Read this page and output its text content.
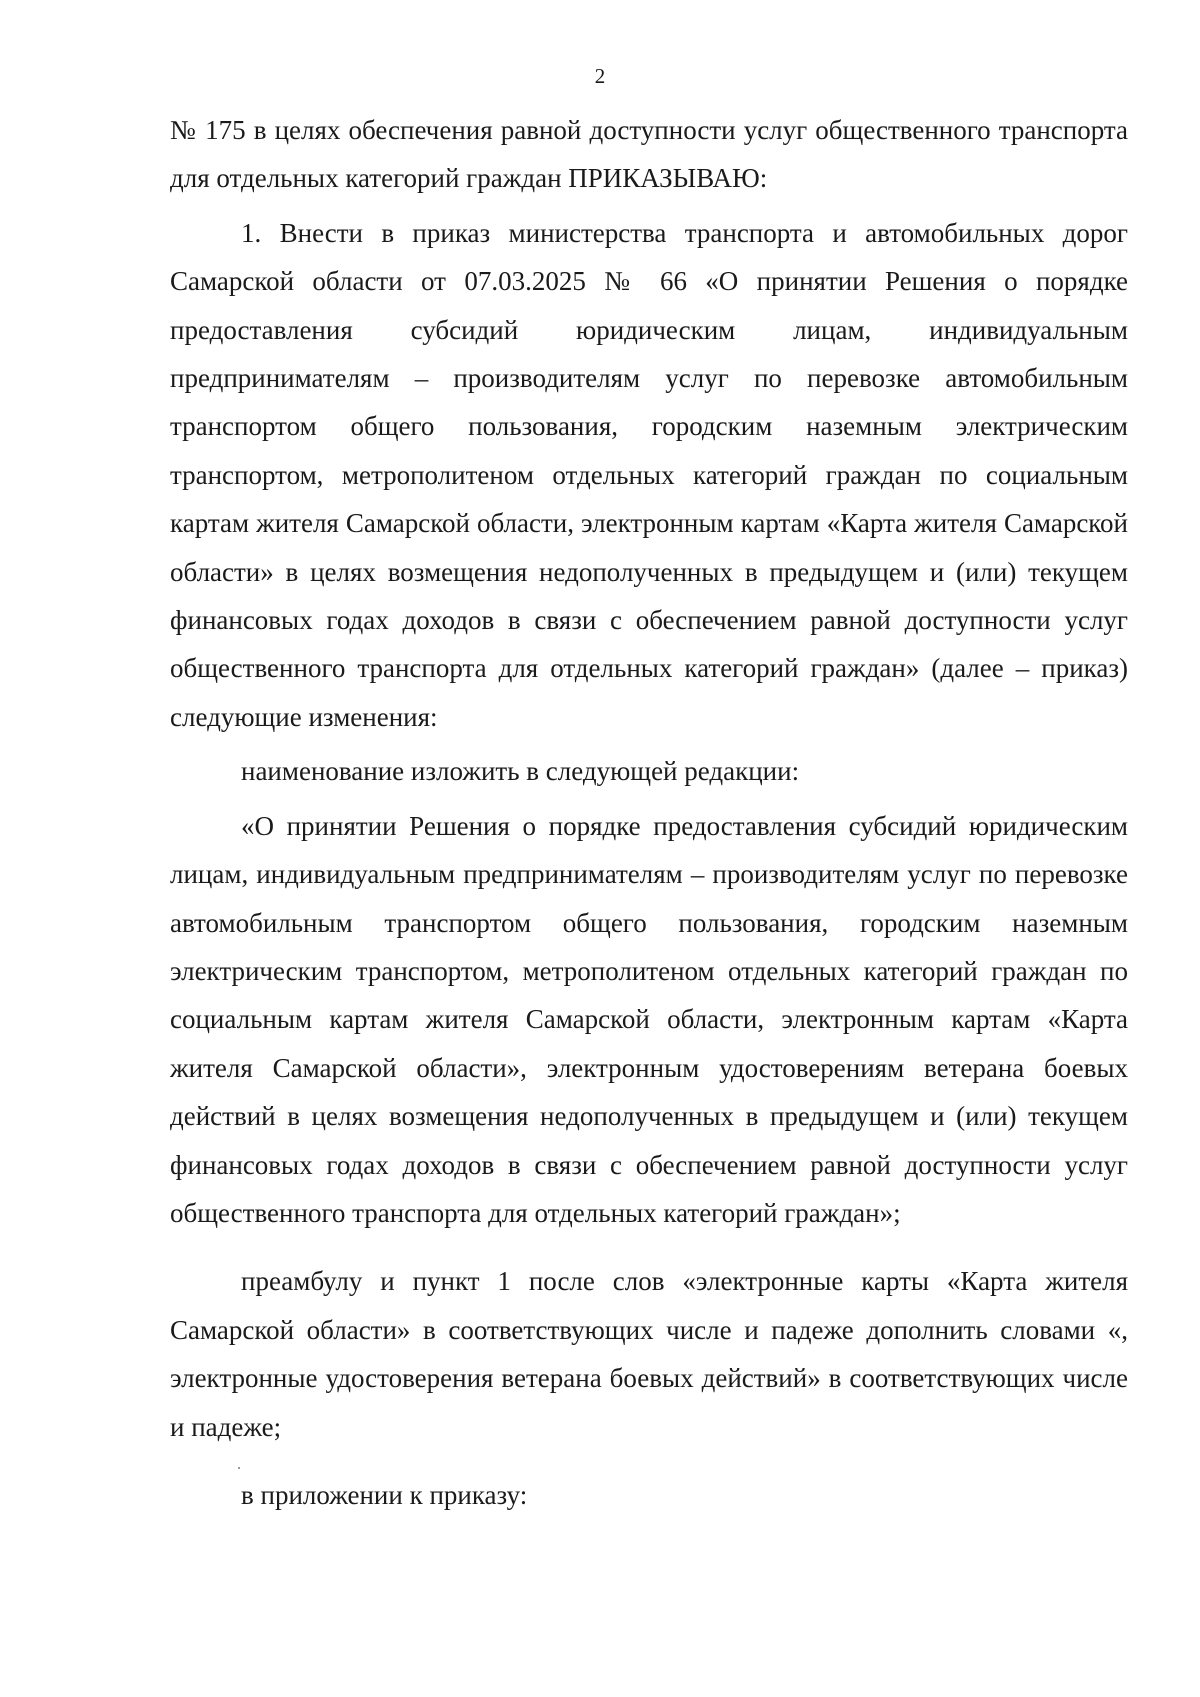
2

№ 175 в целях обеспечения равной доступности услуг общественного транспорта для отдельных категорий граждан ПРИКАЗЫВАЮ:

1. Внести в приказ министерства транспорта и автомобильных дорог Самарской области от 07.03.2025 № 66 «О принятии Решения о порядке предоставления субсидий юридическим лицам, индивидуальным предпринимателям – производителям услуг по перевозке автомобильным транспортом общего пользования, городским наземным электрическим транспортом, метрополитеном отдельных категорий граждан по социальным картам жителя Самарской области, электронным картам «Карта жителя Самарской области» в целях возмещения недополученных в предыдущем и (или) текущем финансовых годах доходов в связи с обеспечением равной доступности услуг общественного транспорта для отдельных категорий граждан» (далее – приказ) следующие изменения:

наименование изложить в следующей редакции:

«О принятии Решения о порядке предоставления субсидий юридическим лицам, индивидуальным предпринимателям – производителям услуг по перевозке автомобильным транспортом общего пользования, городским наземным электрическим транспортом, метрополитеном отдельных категорий граждан по социальным картам жителя Самарской области, электронным картам «Карта жителя Самарской области», электронным удостоверениям ветерана боевых действий в целях возмещения недополученных в предыдущем и (или) текущем финансовых годах доходов в связи с обеспечением равной доступности услуг общественного транспорта для отдельных категорий граждан»;

преамбулу и пункт 1 после слов «электронные карты «Карта жителя Самарской области» в соответствующих числе и падеже дополнить словами «, электронные удостоверения ветерана боевых действий» в соответствующих числе и падеже;

в приложении к приказу:
